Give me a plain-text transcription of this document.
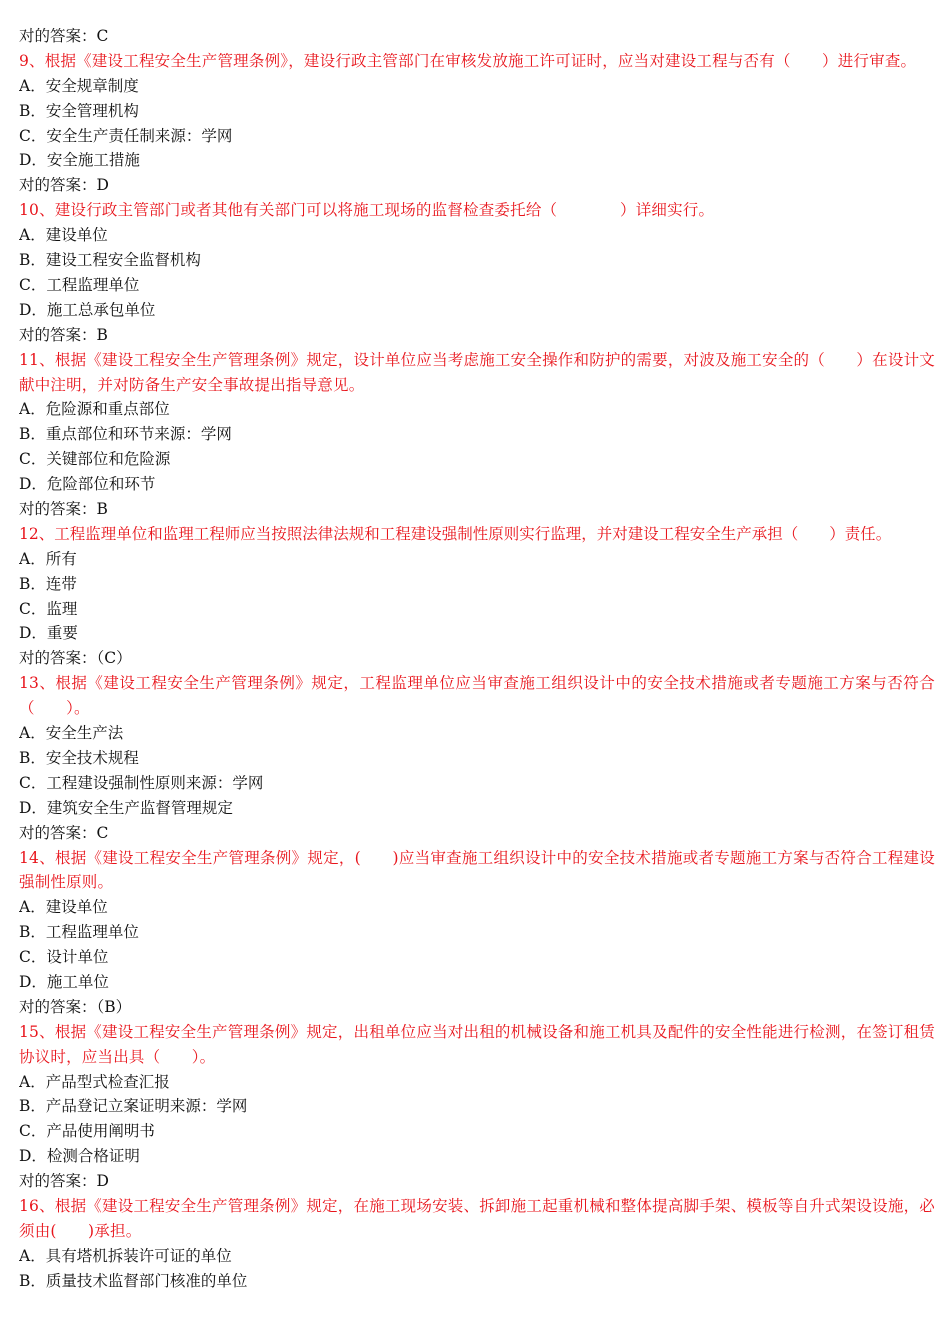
对的答案：C
9、根据《建设工程安全生产管理条例》，建设行政主管部门在审核发放施工许可证时，应当对建设工程与否有（　　）进行审查。
A．安全规章制度
B．安全管理机构
C．安全生产责任制来源：学网
D．安全施工措施
对的答案：D
10、建设行政主管部门或者其他有关部门可以将施工现场的监督检查委托给（　　　　）详细实行。
A．建设单位
B．建设工程安全监督机构
C．工程监理单位
D．施工总承包单位
对的答案：B
11、根据《建设工程安全生产管理条例》规定，设计单位应当考虑施工安全操作和防护的需要，对波及施工安全的（　　）在设计文献中注明，并对防备生产安全事故提出指导意见。
A．危险源和重点部位
B．重点部位和环节来源：学网
C．关键部位和危险源
D．危险部位和环节
对的答案：B
12、工程监理单位和监理工程师应当按照法律法规和工程建设强制性原则实行监理，并对建设工程安全生产承担（　　）责任。
A．所有
B．连带
C．监理
D．重要
对的答案：（C）
13、根据《建设工程安全生产管理条例》规定，工程监理单位应当审查施工组织设计中的安全技术措施或者专题施工方案与否符合（　　）。
A．安全生产法
B．安全技术规程
C．工程建设强制性原则来源：学网
D．建筑安全生产监督管理规定
对的答案：C
14、根据《建设工程安全生产管理条例》规定，(　　)应当审查施工组织设计中的安全技术措施或者专题施工方案与否符合工程建设强制性原则。
A．建设单位
B．工程监理单位
C．设计单位
D．施工单位
对的答案：（B）
15、根据《建设工程安全生产管理条例》规定，出租单位应当对出租的机械设备和施工机具及配件的安全性能进行检测，在签订租赁协议时，应当出具（　　）。
A．产品型式检查汇报
B．产品登记立案证明来源：学网
C．产品使用阐明书
D．检测合格证明
对的答案：D
16、根据《建设工程安全生产管理条例》规定，在施工现场安装、拆卸施工起重机械和整体提高脚手架、模板等自升式架设设施，必须由(　　)承担。
A．具有塔机拆装许可证的单位
B．质量技术监督部门核准的单位
